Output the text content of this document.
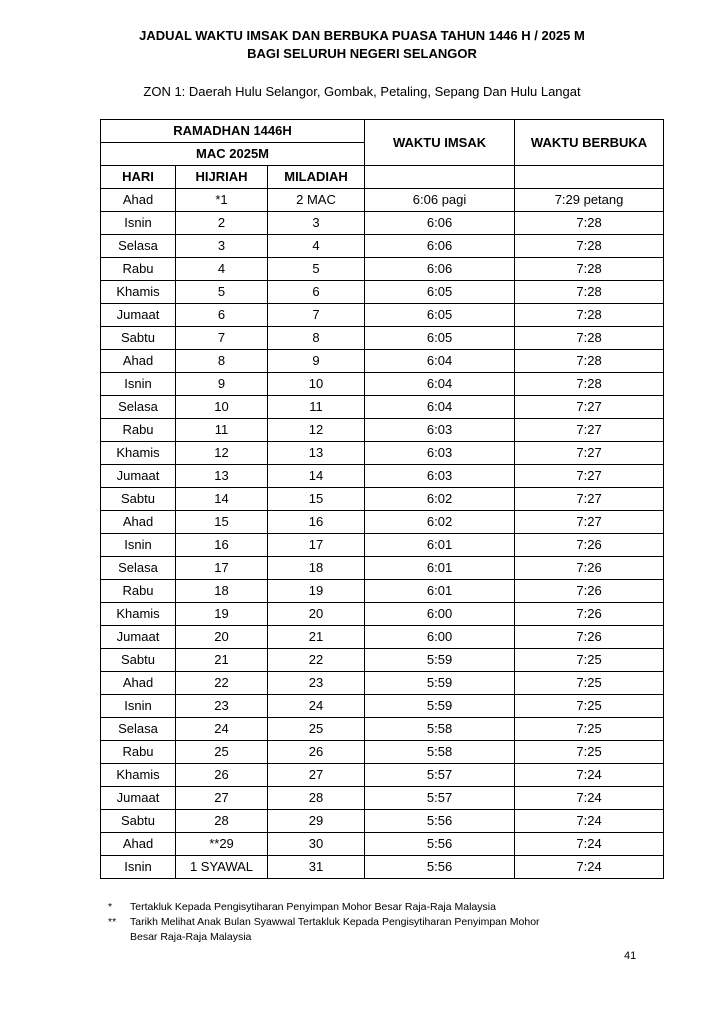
JADUAL WAKTU IMSAK DAN BERBUKA PUASA TAHUN 1446 H / 2025 M
BAGI SELURUH NEGERI SELANGOR
ZON 1: Daerah Hulu Selangor, Gombak, Petaling, Sepang Dan Hulu Langat
RAMADHAN 1446H			WAKTU IMSAK	WAKTU BERBUKA
MAC 2025M				
HARI	HIJRIAH	MILADIAH		
Ahad	*1	2 MAC	6:06 pagi	7:29 petang
Isnin	2	3	6:06	7:28
Selasa	3	4	6:06	7:28
Rabu	4	5	6:06	7:28
Khamis	5	6	6:05	7:28
Jumaat	6	7	6:05	7:28
Sabtu	7	8	6:05	7:28
Ahad	8	9	6:04	7:28
Isnin	9	10	6:04	7:28
Selasa	10	11	6:04	7:27
Rabu	11	12	6:03	7:27
Khamis	12	13	6:03	7:27
Jumaat	13	14	6:03	7:27
Sabtu	14	15	6:02	7:27
Ahad	15	16	6:02	7:27
Isnin	16	17	6:01	7:26
Selasa	17	18	6:01	7:26
Rabu	18	19	6:01	7:26
Khamis	19	20	6:00	7:26
Jumaat	20	21	6:00	7:26
Sabtu	21	22	5:59	7:25
Ahad	22	23	5:59	7:25
Isnin	23	24	5:59	7:25
Selasa	24	25	5:58	7:25
Rabu	25	26	5:58	7:25
Khamis	26	27	5:57	7:24
Jumaat	27	28	5:57	7:24
Sabtu	28	29	5:56	7:24
Ahad	**29	30	5:56	7:24
Isnin	1 SYAWAL	31	5:56	7:24
*	Tertakluk Kepada Pengisytiharan Penyimpan Mohor Besar Raja-Raja Malaysia
**	Tarikh Melihat Anak Bulan Syawwal Tertakluk Kepada Pengisytiharan Penyimpan Mohor
Besar Raja-Raja Malaysia
41
